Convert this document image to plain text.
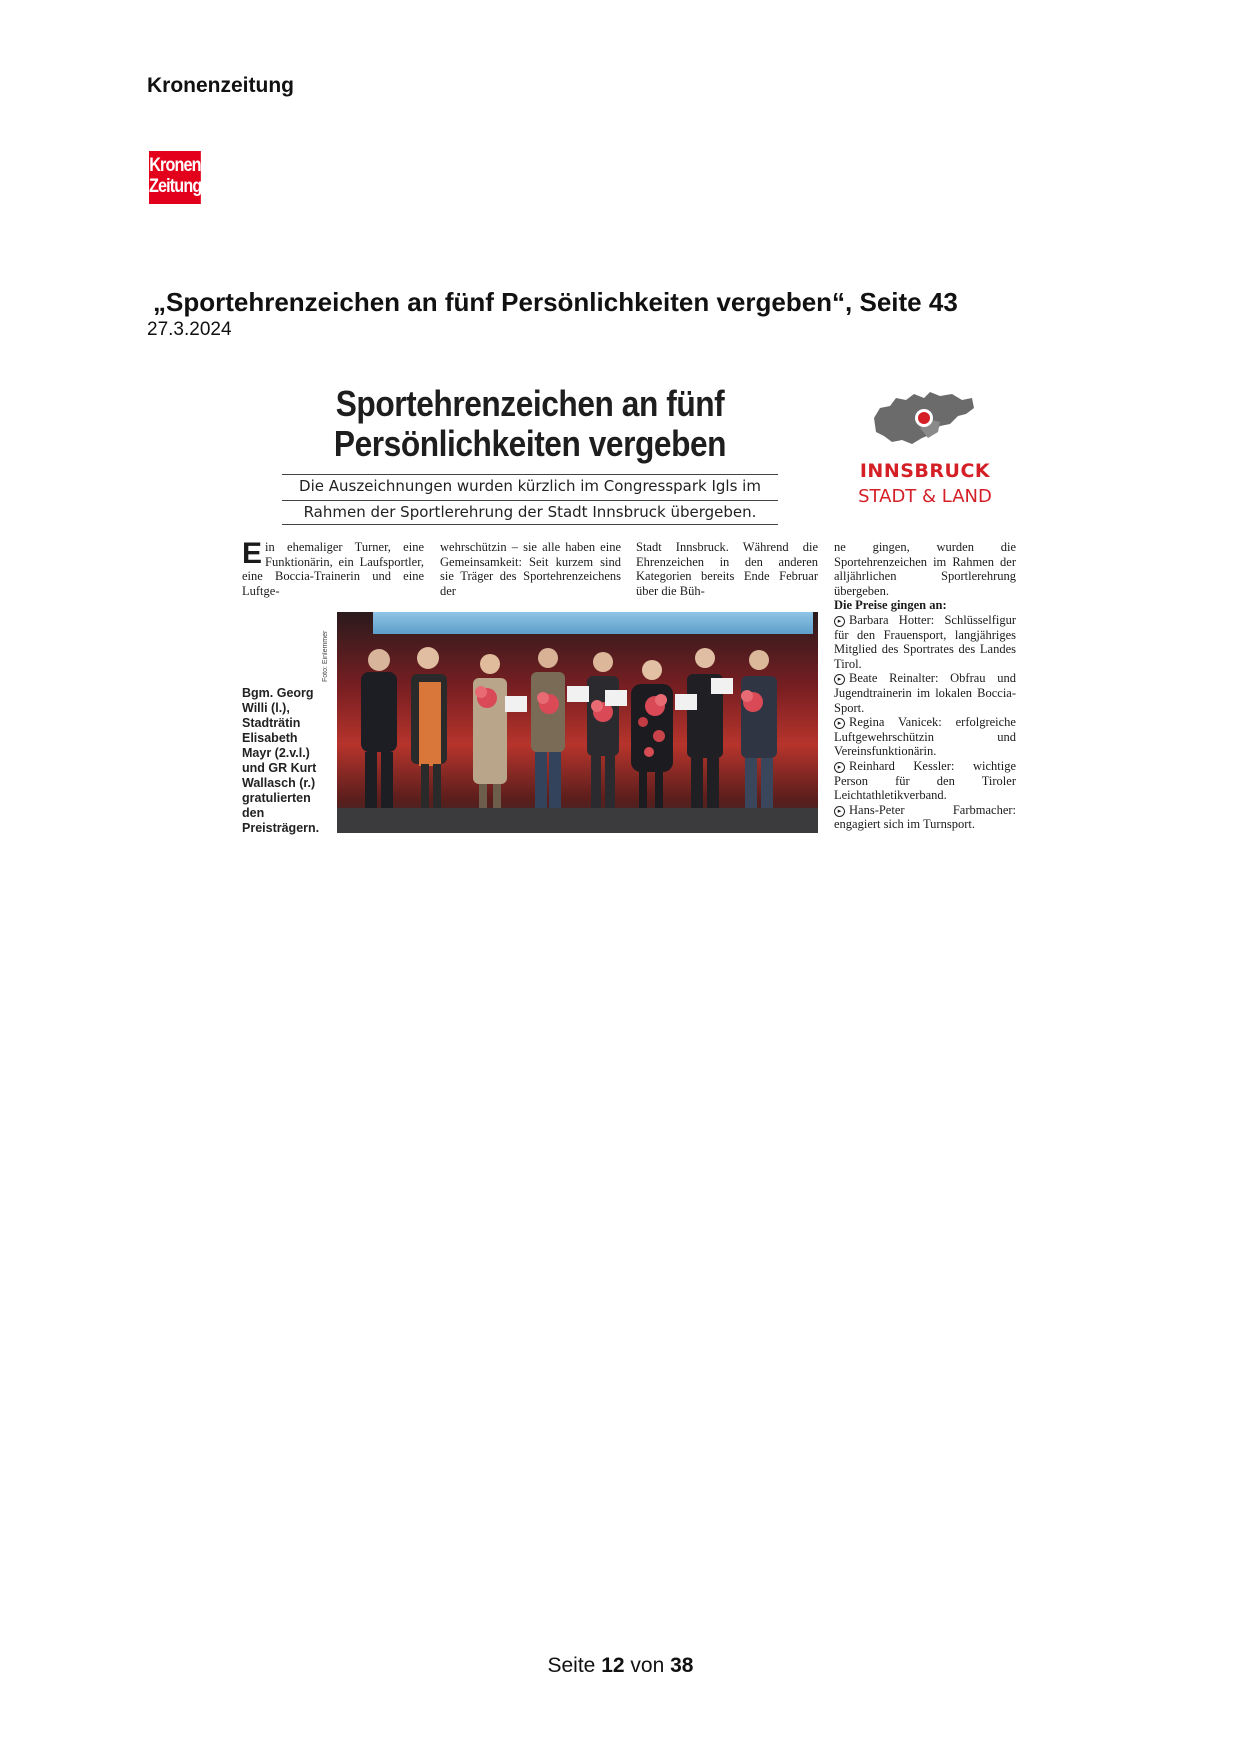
Kronenzeitung
Kronen
Zeitung
„Sportehrenzeichen an fünf Persönlichkeiten vergeben“, Seite 43
27.3.2024
Sportehrenzeichen an fünf
Persönlichkeiten vergeben
Die Auszeichnungen wurden kürzlich im Congresspark Igls im
Rahmen der Sportlerehrung der Stadt Innsbruck übergeben.
INNSBRUCK
STADT & LAND
Ein ehemaliger Turner, eine Funktionärin, ein Laufsportler, eine Boccia-Trainerin und eine Luftge-
wehrschützin – sie alle haben eine Gemeinsamkeit: Seit kurzem sind sie Träger des Sportehrenzeichens der
Stadt Innsbruck. Während die Ehrenzeichen in den anderen Kategorien bereits Ende Februar über die Büh-
ne gingen, wurden die Sportehrenzeichen im Rahmen der alljährlichen Sportlerehrung übergeben.
Die Preise gingen an:
▸ Barbara Hotter: Schlüsselfigur für den Frauensport, langjähriges Mitglied des Sportrates des Landes Tirol.
▸ Beate Reinalter: Obfrau und Jugendtrainerin im lokalen Boccia-Sport.
▸ Regina Vanicek: erfolgreiche Luftgewehrschützin und Vereinsfunktionärin.
▸ Reinhard Kessler: wichtige Person für den Tiroler Leichtathletikverband.
▸ Hans-Peter Farbmacher: engagiert sich im Turnsport.
Foto: Einlemmer
Bgm. Georg Willi (l.), Stadträtin Elisabeth Mayr (2.v.l.) und GR Kurt Wallasch (r.) gratulierten den Preisträgern.
Seite 12 von 38
